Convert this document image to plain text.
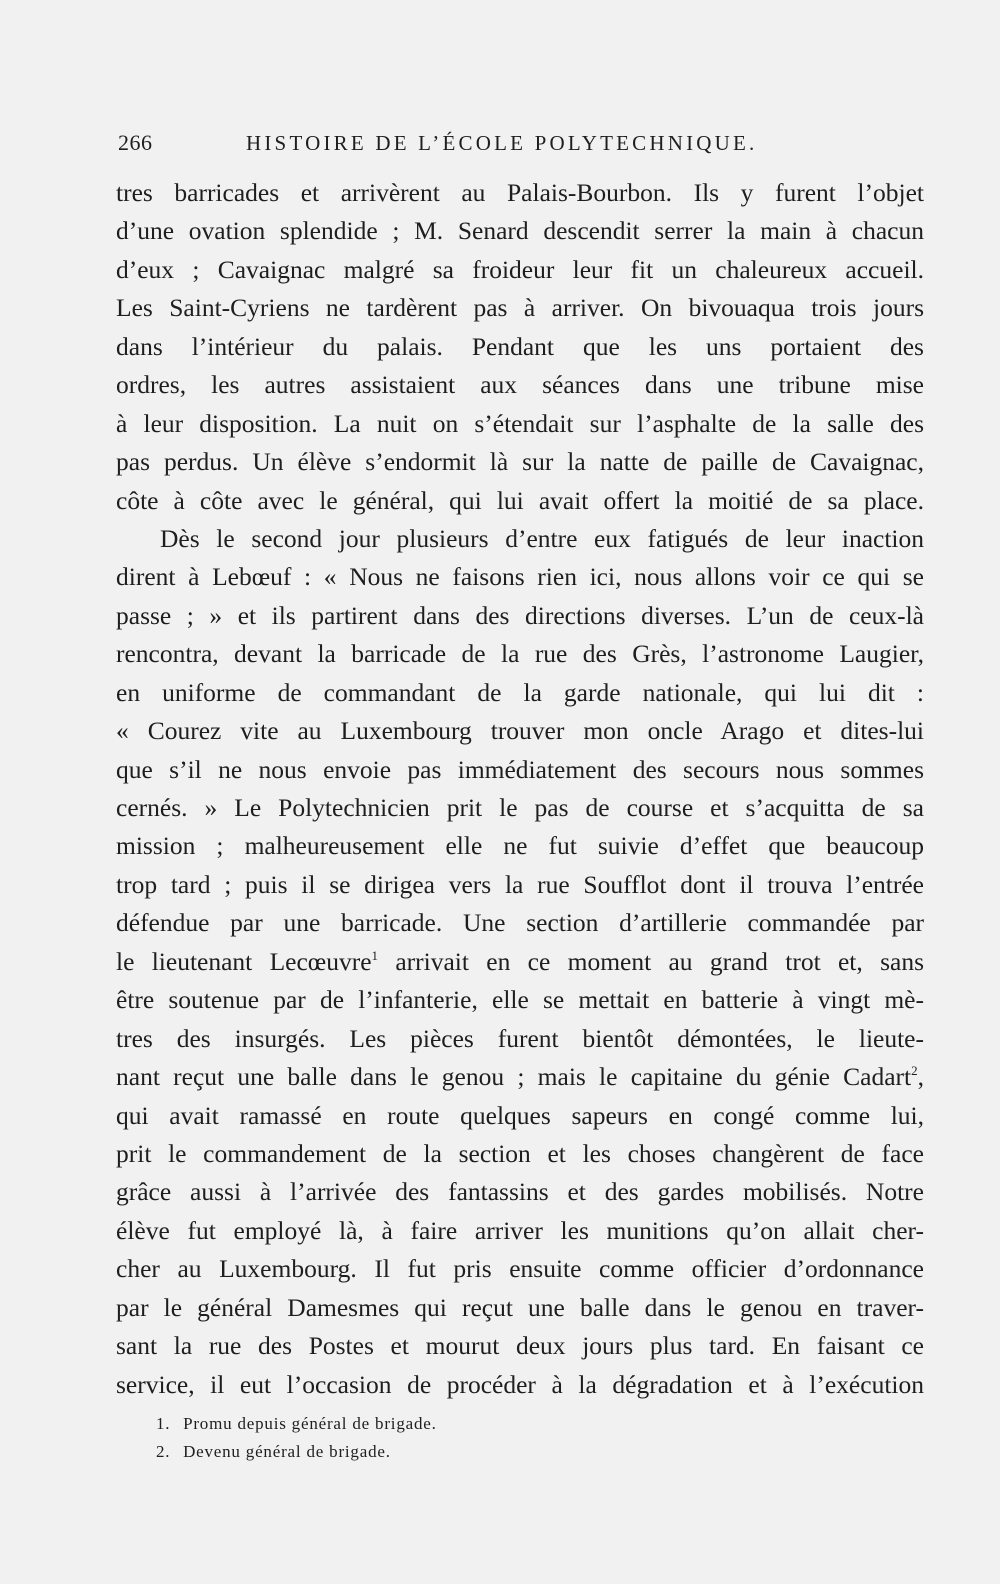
266	HISTOIRE DE L’ÉCOLE POLYTECHNIQUE.
tres barricades et arrivèrent au Palais-Bourbon. Ils y furent l’objet
d’une ovation splendide ; M. Senard descendit serrer la main à chacun
d’eux ; Cavaignac malgré sa froideur leur fit un chaleureux accueil.
Les Saint-Cyriens ne tardèrent pas à arriver. On bivouaqua trois jours
dans l’intérieur du palais. Pendant que les uns portaient des
ordres, les autres assistaient aux séances dans une tribune mise
à leur disposition. La nuit on s’étendait sur l’asphalte de la salle des
pas perdus. Un élève s’endormit là sur la natte de paille de Cavaignac,
côte à côte avec le général, qui lui avait offert la moitié de sa place.
Dès le second jour plusieurs d’entre eux fatigués de leur inaction
dirent à Lebœuf : « Nous ne faisons rien ici, nous allons voir ce qui se
passe ; » et ils partirent dans des directions diverses. L’un de ceux-là
rencontra, devant la barricade de la rue des Grès, l’astronome Laugier,
en uniforme de commandant de la garde nationale, qui lui dit :
« Courez vite au Luxembourg trouver mon oncle Arago et dites-lui
que s’il ne nous envoie pas immédiatement des secours nous sommes
cernés. » Le Polytechnicien prit le pas de course et s’acquitta de sa
mission ; malheureusement elle ne fut suivie d’effet que beaucoup
trop tard ; puis il se dirigea vers la rue Soufflot dont il trouva l’entrée
défendue par une barricade. Une section d’artillerie commandée par
le lieutenant Lecœuvre$^1$ arrivait en ce moment au grand trot et, sans
être soutenue par de l’infanterie, elle se mettait en batterie à vingt mè-
tres des insurgés. Les pièces furent bientôt démontées, le lieute-
nant reçut une balle dans le genou ; mais le capitaine du génie Cadart$^2$,
qui avait ramassé en route quelques sapeurs en congé comme lui,
prit le commandement de la section et les choses changèrent de face
grâce aussi à l’arrivée des fantassins et des gardes mobilisés. Notre
élève fut employé là, à faire arriver les munitions qu’on allait cher-
cher au Luxembourg. Il fut pris ensuite comme officier d’ordonnance
par le général Damesmes qui reçut une balle dans le genou en traver-
sant la rue des Postes et mourut deux jours plus tard. En faisant ce
service, il eut l’occasion de procéder à la dégradation et à l’exécution
1. Promu depuis général de brigade.
2. Devenu général de brigade.
